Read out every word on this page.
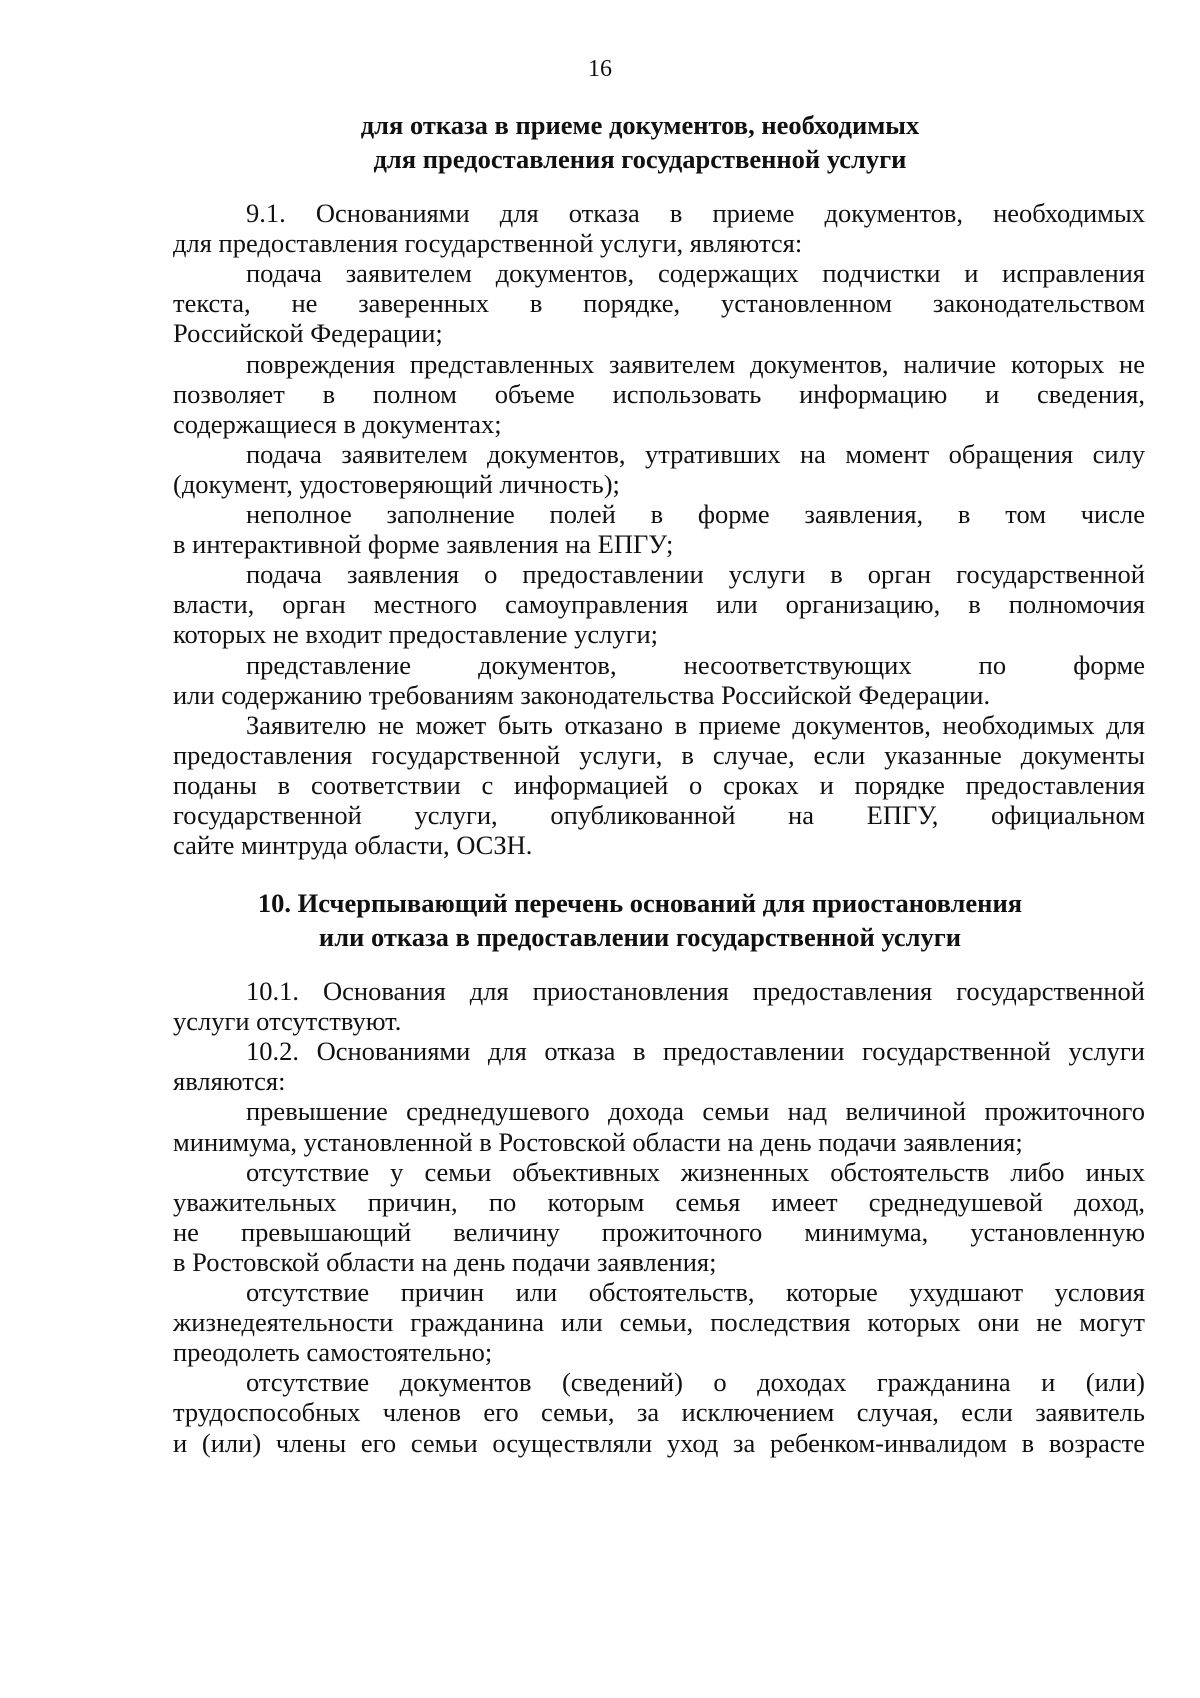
16
для отказа в приеме документов, необходимых
для предоставления государственной услуги
9.1. Основаниями для отказа в приеме документов, необходимых
для предоставления государственной услуги, являются:
подача заявителем документов, содержащих подчистки и исправления
текста, не заверенных в порядке, установленном законодательством
Российской Федерации;
повреждения представленных заявителем документов, наличие которых не
позволяет в полном объеме использовать информацию и сведения,
содержащиеся в документах;
подача заявителем документов, утративших на момент обращения силу
(документ, удостоверяющий личность);
неполное заполнение полей в форме заявления, в том числе
в интерактивной форме заявления на ЕПГУ;
подача заявления о предоставлении услуги в орган государственной
власти, орган местного самоуправления или организацию, в полномочия
которых не входит предоставление услуги;
представление документов, несоответствующих по форме
или содержанию требованиям законодательства Российской Федерации.
Заявителю не может быть отказано в приеме документов, необходимых для
предоставления государственной услуги, в случае, если указанные документы
поданы в соответствии с информацией о сроках и порядке предоставления
государственной услуги, опубликованной на ЕПГУ, официальном
сайте минтруда области, ОСЗН.
10. Исчерпывающий перечень оснований для приостановления
или отказа в предоставлении государственной услуги
10.1. Основания для приостановления предоставления государственной
услуги отсутствуют.
10.2. Основаниями для отказа в предоставлении государственной услуги
являются:
превышение среднедушевого дохода семьи над величиной прожиточного
минимума, установленной в Ростовской области на день подачи заявления;
отсутствие у семьи объективных жизненных обстоятельств либо иных
уважительных причин, по которым семья имеет среднедушевой доход,
не превышающий величину прожиточного минимума, установленную
в Ростовской области на день подачи заявления;
отсутствие причин или обстоятельств, которые ухудшают условия
жизнедеятельности гражданина или семьи, последствия которых они не могут
преодолеть самостоятельно;
отсутствие документов (сведений) о доходах гражданина и (или)
трудоспособных членов его семьи, за исключением случая, если заявитель
и (или) члены его семьи осуществляли уход за ребенком-инвалидом в возрасте
